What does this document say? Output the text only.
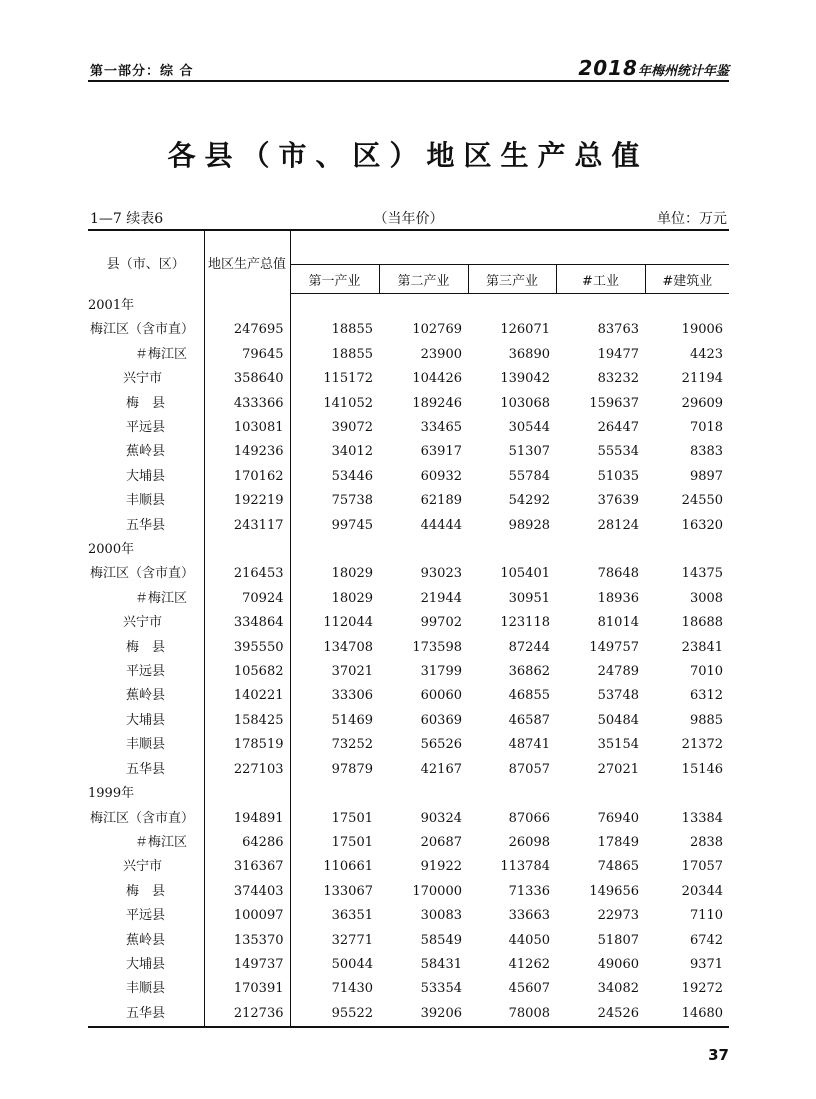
第一部分：综 合	2018年梅州统计年鉴
各县（市、区）地区生产总值
1—7 续表6	（当年价）	单位：万元
县（市、区）	地区生产总值					
		第一产业	第二产业	第三产业	#工业	#建筑业
2001年						
梅江区（含市直）	247695	18855	102769	126071	83763	19006
＃梅江区	79645	18855	23900	36890	19477	4423
兴宁市	358640	115172	104426	139042	83232	21194
梅　县	433366	141052	189246	103068	159637	29609
平远县	103081	39072	33465	30544	26447	7018
蕉岭县	149236	34012	63917	51307	55534	8383
大埔县	170162	53446	60932	55784	51035	9897
丰顺县	192219	75738	62189	54292	37639	24550
五华县	243117	99745	44444	98928	28124	16320
2000年						
梅江区（含市直）	216453	18029	93023	105401	78648	14375
＃梅江区	70924	18029	21944	30951	18936	3008
兴宁市	334864	112044	99702	123118	81014	18688
梅　县	395550	134708	173598	87244	149757	23841
平远县	105682	37021	31799	36862	24789	7010
蕉岭县	140221	33306	60060	46855	53748	6312
大埔县	158425	51469	60369	46587	50484	9885
丰顺县	178519	73252	56526	48741	35154	21372
五华县	227103	97879	42167	87057	27021	15146
1999年						
梅江区（含市直）	194891	17501	90324	87066	76940	13384
＃梅江区	64286	17501	20687	26098	17849	2838
兴宁市	316367	110661	91922	113784	74865	17057
梅　县	374403	133067	170000	71336	149656	20344
平远县	100097	36351	30083	33663	22973	7110
蕉岭县	135370	32771	58549	44050	51807	6742
大埔县	149737	50044	58431	41262	49060	9371
丰顺县	170391	71430	53354	45607	34082	19272
五华县	212736	95522	39206	78008	24526	14680
37
